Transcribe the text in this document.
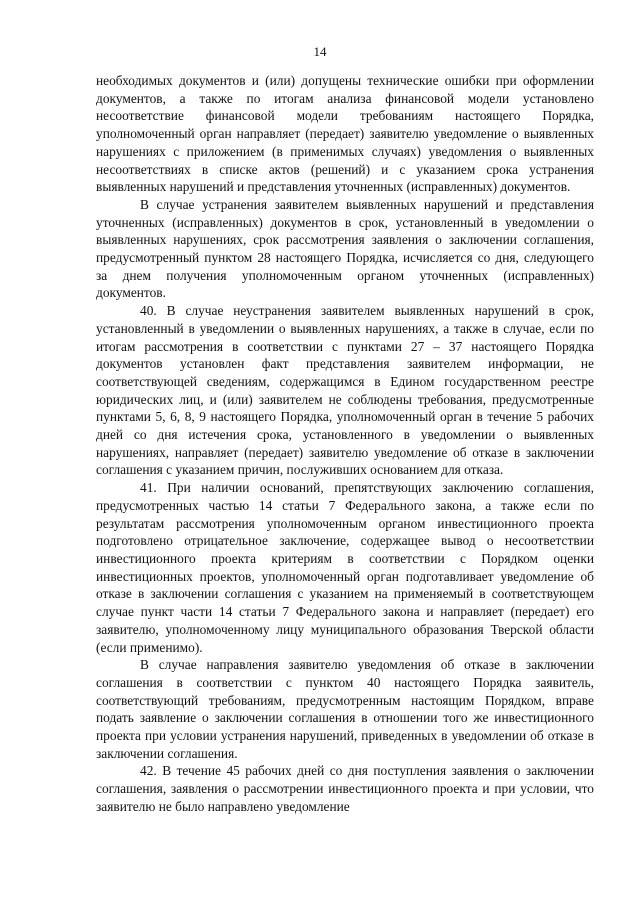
14

необходимых документов и (или) допущены технические ошибки при оформлении документов, а также по итогам анализа финансовой модели установлено несоответствие финансовой модели требованиям настоящего Порядка, уполномоченный орган направляет (передает) заявителю уведомление о выявленных нарушениях с приложением (в применимых случаях) уведомления о выявленных несоответствиях в списке актов (решений) и с указанием срока устранения выявленных нарушений и представления уточненных (исправленных) документов.

В случае устранения заявителем выявленных нарушений и представления уточненных (исправленных) документов в срок, установленный в уведомлении о выявленных нарушениях, срок рассмотрения заявления о заключении соглашения, предусмотренный пунктом 28 настоящего Порядка, исчисляется со дня, следующего за днем получения уполномоченным органом уточненных (исправленных) документов.

40. В случае неустранения заявителем выявленных нарушений в срок, установленный в уведомлении о выявленных нарушениях, а также в случае, если по итогам рассмотрения в соответствии с пунктами 27 – 37 настоящего Порядка документов установлен факт представления заявителем информации, не соответствующей сведениям, содержащимся в Едином государственном реестре юридических лиц, и (или) заявителем не соблюдены требования, предусмотренные пунктами 5, 6, 8, 9 настоящего Порядка, уполномоченный орган в течение 5 рабочих дней со дня истечения срока, установленного в уведомлении о выявленных нарушениях, направляет (передает) заявителю уведомление об отказе в заключении соглашения с указанием причин, послуживших основанием для отказа.

41. При наличии оснований, препятствующих заключению соглашения, предусмотренных частью 14 статьи 7 Федерального закона, а также если по результатам рассмотрения уполномоченным органом инвестиционного проекта подготовлено отрицательное заключение, содержащее вывод о несоответствии инвестиционного проекта критериям в соответствии с Порядком оценки инвестиционных проектов, уполномоченный орган подготавливает уведомление об отказе в заключении соглашения с указанием на применяемый в соответствующем случае пункт части 14 статьи 7 Федерального закона и направляет (передает) его заявителю, уполномоченному лицу муниципального образования Тверской области (если применимо).

В случае направления заявителю уведомления об отказе в заключении соглашения в соответствии с пунктом 40 настоящего Порядка заявитель, соответствующий требованиям, предусмотренным настоящим Порядком, вправе подать заявление о заключении соглашения в отношении того же инвестиционного проекта при условии устранения нарушений, приведенных в уведомлении об отказе в заключении соглашения.

42. В течение 45 рабочих дней со дня поступления заявления о заключении соглашения, заявления о рассмотрении инвестиционного проекта и при условии, что заявителю не было направлено уведомление
